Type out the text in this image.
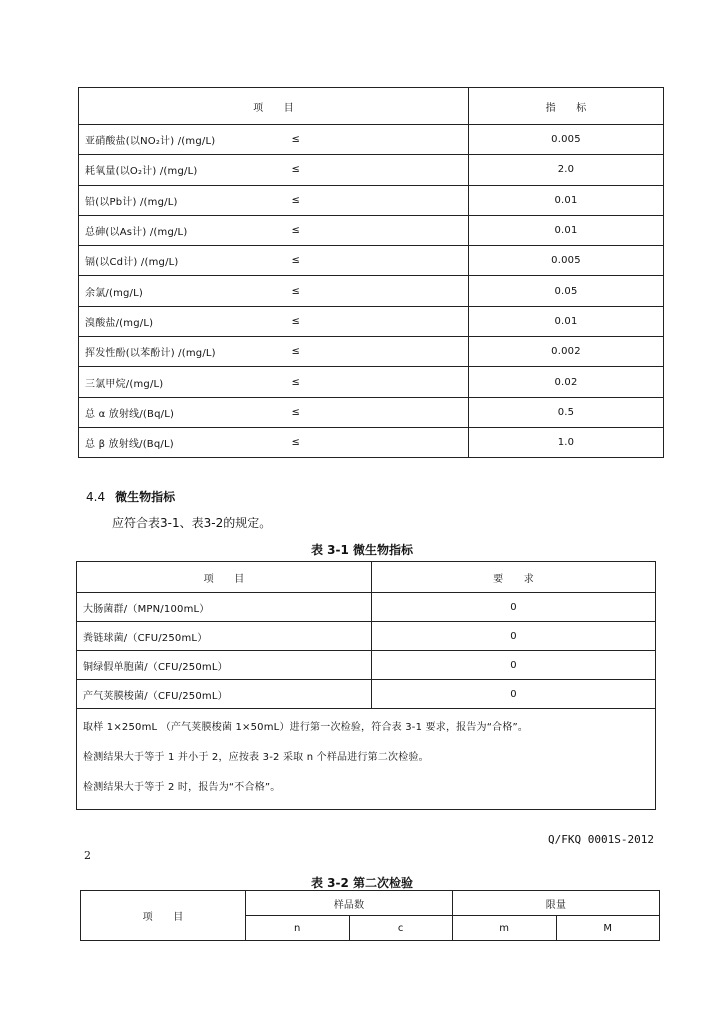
项　　目		指　　标
亚硝酸盐(以NO₂计) /(mg/L)	≤	0.005
耗氧量(以O₂计) /(mg/L)	≤	2.0
铅(以Pb计) /(mg/L)	≤	0.01
总砷(以As计) /(mg/L)	≤	0.01
镉(以Cd计) /(mg/L)	≤	0.005
余氯/(mg/L)	≤	0.05
溴酸盐/(mg/L)	≤	0.01
挥发性酚(以苯酚计) /(mg/L)	≤	0.002
三氯甲烷/(mg/L)	≤	0.02
总 α 放射线/(Bq/L)	≤	0.5
总 β 放射线/(Bq/L)	≤	1.0
4.4 微生物指标
应符合表3-1、表3-2的规定。
表 3-1 微生物指标
项　　目	要　　求
大肠菌群/（MPN/100mL）	0
粪链球菌/（CFU/250mL）	0
铜绿假单胞菌/（CFU/250mL）	0
产气荚膜梭菌/（CFU/250mL）	0

取样 1×250mL （产气荚膜梭菌 1×50mL）进行第一次检验，符合表 3-1 要求，报告为“合格”。
检测结果大于等于 1 并小于 2，应按表 3-2 采取 n 个样品进行第二次检验。
检测结果大于等于 2 时，报告为“不合格”。	
Q/FKQ 0001S-2012
2
表 3-2 第二次检验
项　　目	样品数		限量	
	n	c	m	M
